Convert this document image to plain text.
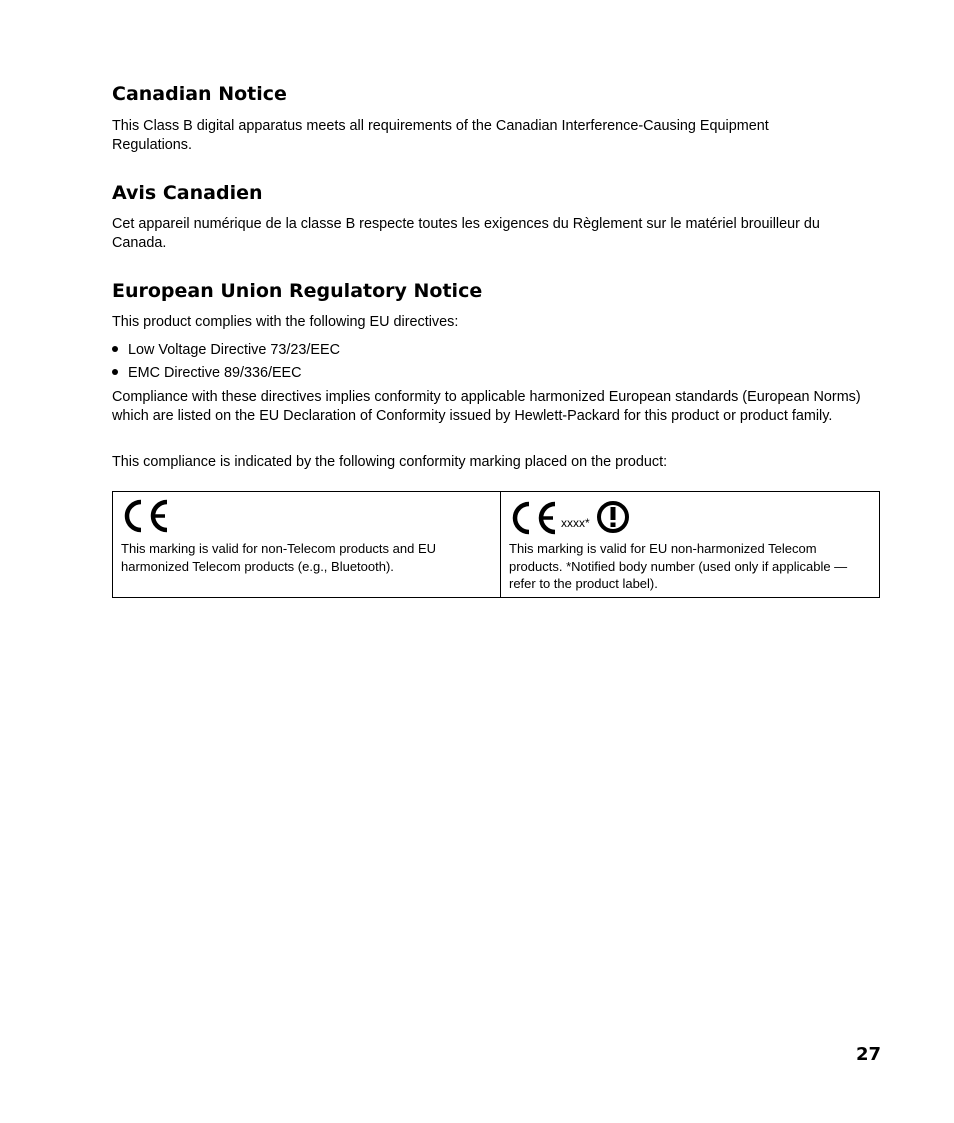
Canadian Notice

This Class B digital apparatus meets all requirements of the Canadian Interference-Causing Equipment Regulations.

Avis Canadien

Cet appareil numérique de la classe B respecte toutes les exigences du Règlement sur le matériel brouilleur du Canada.

European Union Regulatory Notice

This product complies with the following EU directives:

Low Voltage Directive 73/23/EEC
EMC Directive 89/336/EEC

Compliance with these directives implies conformity to applicable harmonized European standards (European Norms) which are listed on the EU Declaration of Conformity issued by Hewlett-Packard for this product or product family.

This compliance is indicated by the following conformity marking placed on the product:

This marking is valid for non-Telecom products and EU harmonized Telecom products (e.g., Bluetooth).

xxxx*
This marking is valid for EU non-harmonized Telecom products. *Notified body number (used only if applicable — refer to the product label).
27
